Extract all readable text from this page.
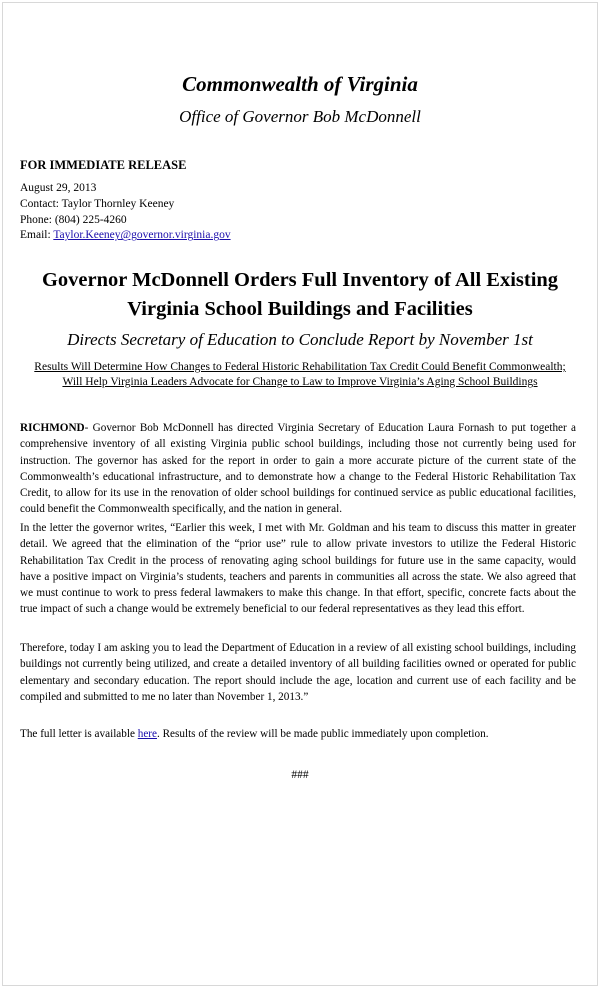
Commonwealth of Virginia
Office of Governor Bob McDonnell
FOR IMMEDIATE RELEASE
August 29, 2013
Contact: Taylor Thornley Keeney
Phone: (804) 225-4260
Email: Taylor.Keeney@governor.virginia.gov
Governor McDonnell Orders Full Inventory of All Existing Virginia School Buildings and Facilities
Directs Secretary of Education to Conclude Report by November 1st
Results Will Determine How Changes to Federal Historic Rehabilitation Tax Credit Could Benefit Commonwealth;
Will Help Virginia Leaders Advocate for Change to Law to Improve Virginia’s Aging School Buildings
RICHMOND- Governor Bob McDonnell has directed Virginia Secretary of Education Laura Fornash to put together a comprehensive inventory of all existing Virginia public school buildings, including those not currently being used for instruction. The governor has asked for the report in order to gain a more accurate picture of the current state of the Commonwealth’s educational infrastructure, and to demonstrate how a change to the Federal Historic Rehabilitation Tax Credit, to allow for its use in the renovation of older school buildings for continued service as public educational facilities, could benefit the Commonwealth specifically, and the nation in general.
In the letter the governor writes, “Earlier this week, I met with Mr. Goldman and his team to discuss this matter in greater detail. We agreed that the elimination of the “prior use” rule to allow private investors to utilize the Federal Historic Rehabilitation Tax Credit in the process of renovating aging school buildings for future use in the same capacity, would have a positive impact on Virginia’s students, teachers and parents in communities all across the state. We also agreed that we must continue to work to press federal lawmakers to make this change. In that effort, specific, concrete facts about the true impact of such a change would be extremely beneficial to our federal representatives as they lead this effort.
Therefore, today I am asking you to lead the Department of Education in a review of all existing school buildings, including buildings not currently being utilized, and create a detailed inventory of all building facilities owned or operated for public elementary and secondary education. The report should include the age, location and current use of each facility and be compiled and submitted to me no later than November 1, 2013.”
The full letter is available here. Results of the review will be made public immediately upon completion.
###
